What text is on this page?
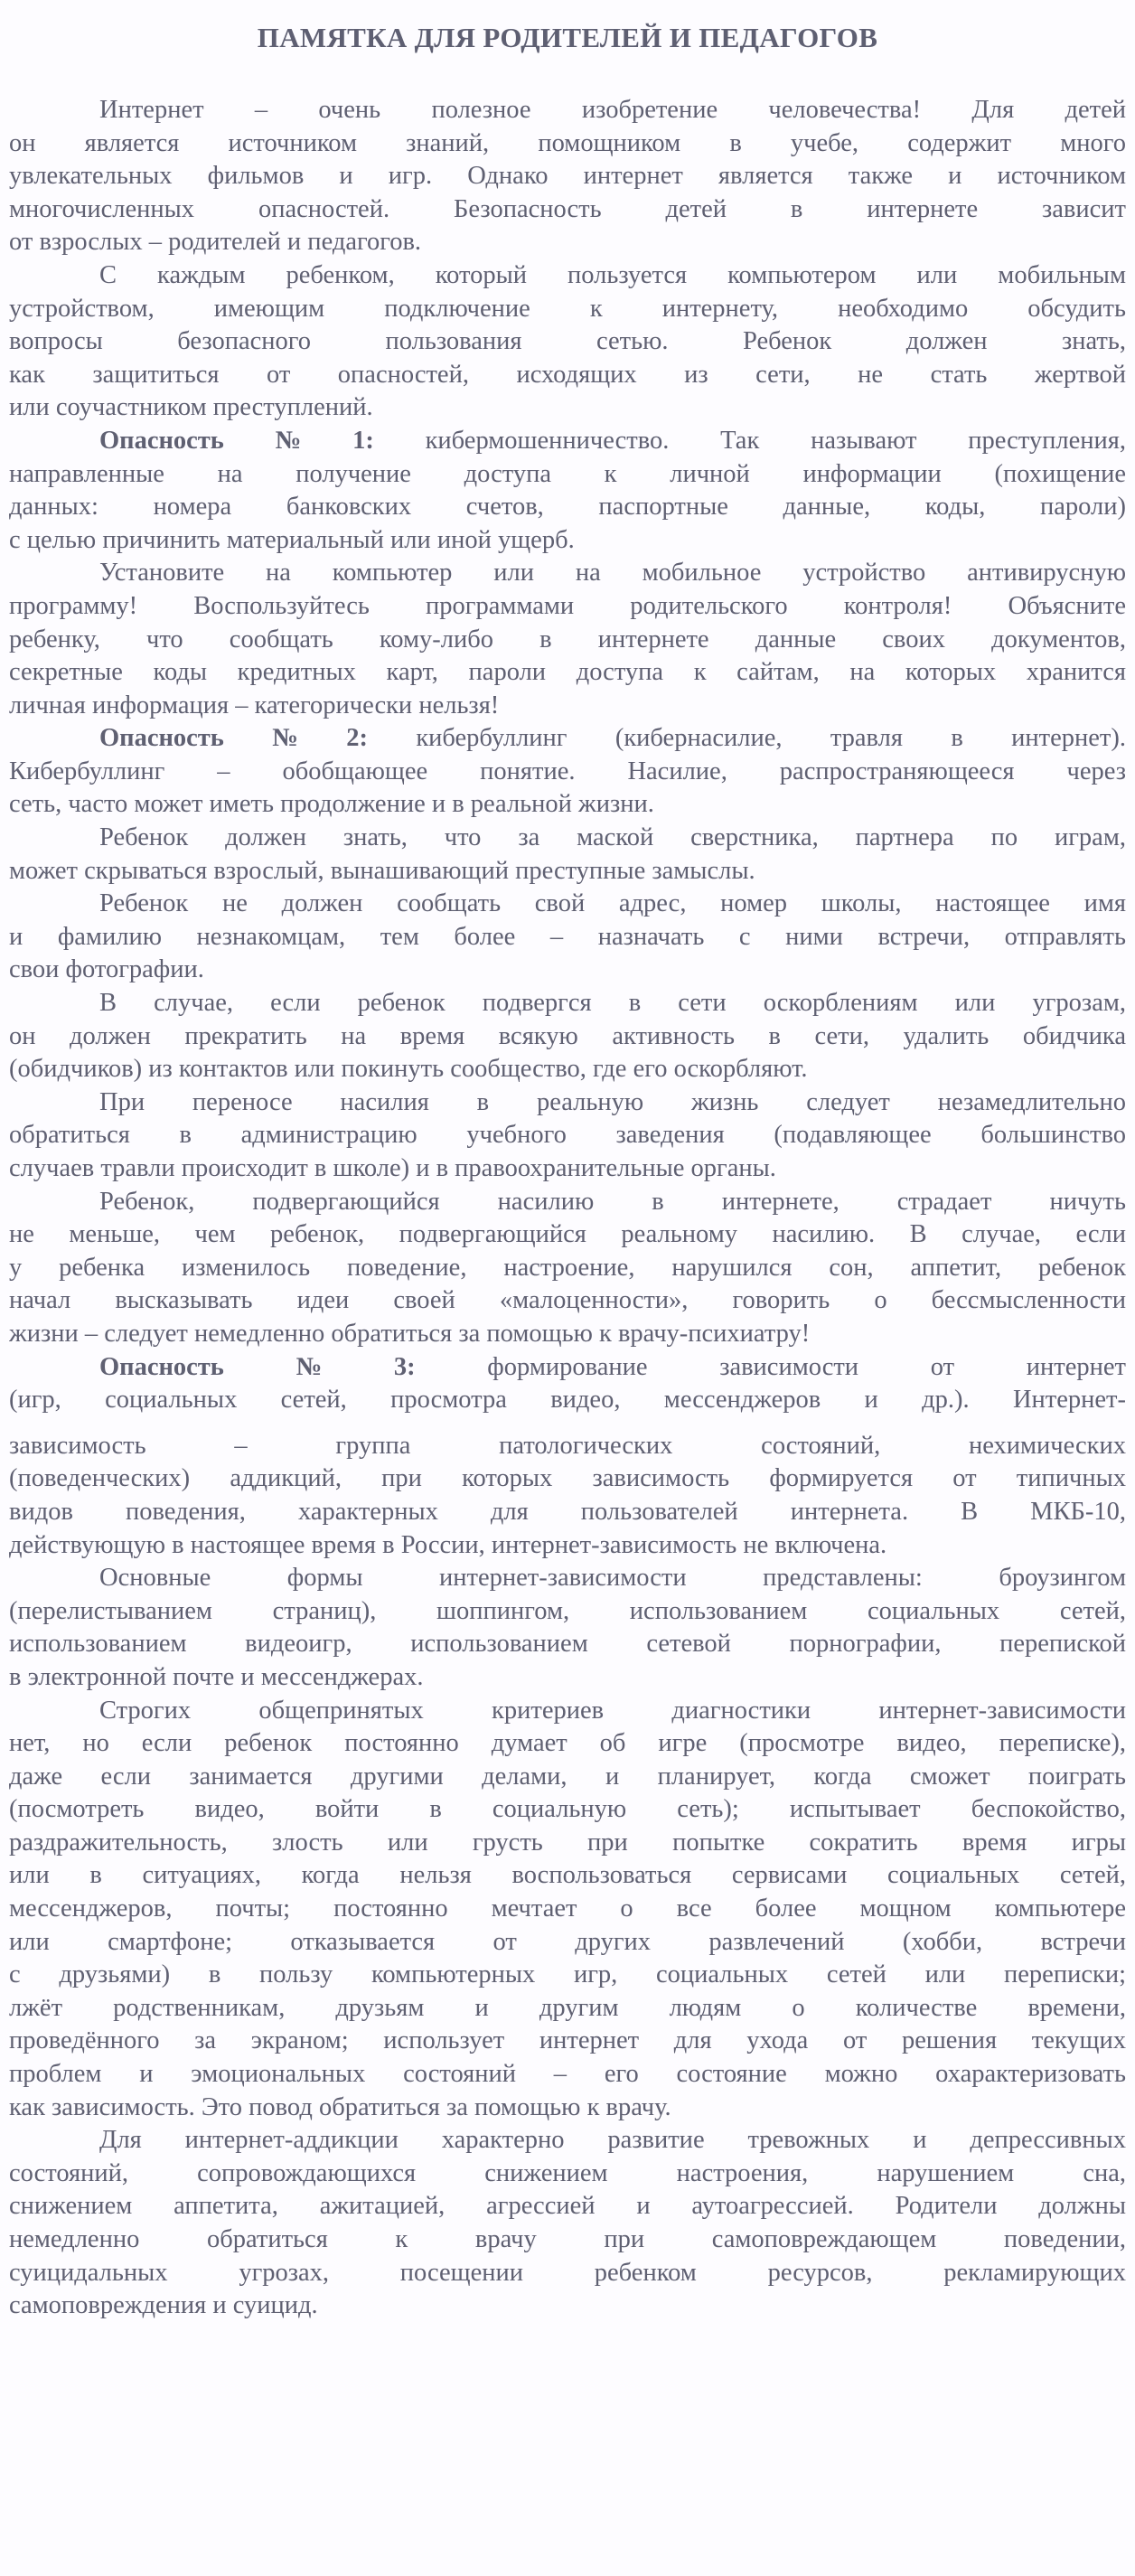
ПАМЯТКА ДЛЯ РОДИТЕЛЕЙ И ПЕДАГОГОВ
Интернет – очень полезное изобретение человечества! Для детей
он является источником знаний, помощником в учебе, содержит много
увлекательных фильмов и игр. Однако интернет является также и источником
многочисленных опасностей. Безопасность детей в интернете зависит
от взрослых – родителей и педагогов.
С каждым ребенком, который пользуется компьютером или мобильным
устройством, имеющим подключение к интернету, необходимо обсудить
вопросы безопасного пользования сетью. Ребенок должен знать,
как защититься от опасностей, исходящих из сети, не стать жертвой
или соучастником преступлений.
Опасность № 1: кибермошенничество. Так называют преступления,
направленные на получение доступа к личной информации (похищение
данных: номера банковских счетов, паспортные данные, коды, пароли)
с целью причинить материальный или иной ущерб.
Установите на компьютер или на мобильное устройство антивирусную
программу! Воспользуйтесь программами родительского контроля! Объясните
ребенку, что сообщать кому-либо в интернете данные своих документов,
секретные коды кредитных карт, пароли доступа к сайтам, на которых хранится
личная информация – категорически нельзя!
Опасность № 2: кибербуллинг (кибернасилие, травля в интернет).
Кибербуллинг – обобщающее понятие. Насилие, распространяющееся через
сеть, часто может иметь продолжение и в реальной жизни.
Ребенок должен знать, что за маской сверстника, партнера по играм,
может скрываться взрослый, вынашивающий преступные замыслы.
Ребенок не должен сообщать свой адрес, номер школы, настоящее имя
и фамилию незнакомцам, тем более – назначать с ними встречи, отправлять
свои фотографии.
В случае, если ребенок подвергся в сети оскорблениям или угрозам,
он должен прекратить на время всякую активность в сети, удалить обидчика
(обидчиков) из контактов или покинуть сообщество, где его оскорбляют.
При переносе насилия в реальную жизнь следует незамедлительно
обратиться в администрацию учебного заведения (подавляющее большинство
случаев травли происходит в школе) и в правоохранительные органы.
Ребенок, подвергающийся насилию в интернете, страдает ничуть
не меньше, чем ребенок, подвергающийся реальному насилию. В случае, если
у ребенка изменилось поведение, настроение, нарушился сон, аппетит, ребенок
начал высказывать идеи своей «малоценности», говорить о бессмысленности
жизни – следует немедленно обратиться за помощью к врачу-психиатру!
Опасность	№	3:	формирование	зависимости	от	интернет
(игр, социальных сетей, просмотра видео, мессенджеров и др.). Интернет-
зависимость – группа патологических состояний, нехимических
(поведенческих) аддикций, при которых зависимость формируется от типичных
видов поведения, характерных для пользователей интернета. В МКБ-10,
действующую в настоящее время в России, интернет-зависимость не включена.
Основные формы интернет-зависимости представлены: броузингом
(перелистыванием страниц), шоппингом, использованием социальных сетей,
использованием видеоигр, использованием сетевой порнографии, перепиской
в электронной почте и мессенджерах.
Строгих общепринятых критериев диагностики интернет-зависимости
нет, но если ребенок постоянно думает об игре (просмотре видео, переписке),
даже если занимается другими делами, и планирует, когда сможет поиграть
(посмотреть видео, войти в социальную сеть); испытывает беспокойство,
раздражительность, злость или грусть при попытке сократить время игры
или в ситуациях, когда нельзя воспользоваться сервисами социальных сетей,
мессенджеров, почты; постоянно мечтает о все более мощном компьютере
или смартфоне; отказывается от других развлечений (хобби, встречи
с друзьями) в пользу компьютерных игр, социальных сетей или переписки;
лжёт родственникам, друзьям и другим людям о количестве времени,
проведённого за экраном; использует интернет для ухода от решения текущих
проблем и эмоциональных состояний – его состояние можно охарактеризовать
как зависимость. Это повод обратиться за помощью к врачу.
Для интернет-аддикции характерно развитие тревожных и депрессивных
состояний, сопровождающихся снижением настроения, нарушением сна,
снижением аппетита, ажитацией, агрессией и аутоагрессией. Родители должны
немедленно обратиться к врачу при самоповреждающем поведении,
суицидальных угрозах, посещении ребенком ресурсов, рекламирующих
самоповреждения и суицид.
